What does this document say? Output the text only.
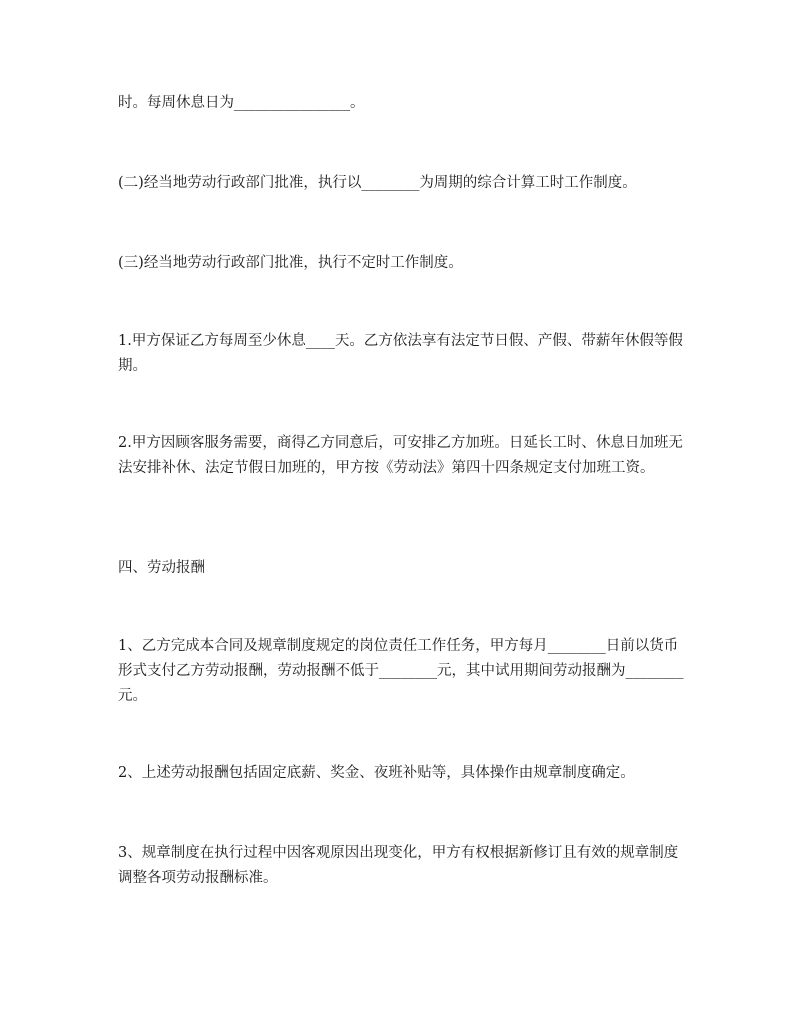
时。每周休息日为________________。

(二)经当地劳动行政部门批准，执行以________为周期的综合计算工时工作制度。

(三)经当地劳动行政部门批准，执行不定时工作制度。

1.甲方保证乙方每周至少休息____天。乙方依法享有法定节日假、产假、带薪年休假等假期。

2.甲方因顾客服务需要，商得乙方同意后，可安排乙方加班。日延长工时、休息日加班无法安排补休、法定节假日加班的，甲方按《劳动法》第四十四条规定支付加班工资。

四、劳动报酬

1、乙方完成本合同及规章制度规定的岗位责任工作任务，甲方每月________日前以货币形式支付乙方劳动报酬，劳动报酬不低于________元，其中试用期间劳动报酬为________元。

2、上述劳动报酬包括固定底薪、奖金、夜班补贴等，具体操作由规章制度确定。

3、规章制度在执行过程中因客观原因出现变化，甲方有权根据新修订且有效的规章制度调整各项劳动报酬标准。
